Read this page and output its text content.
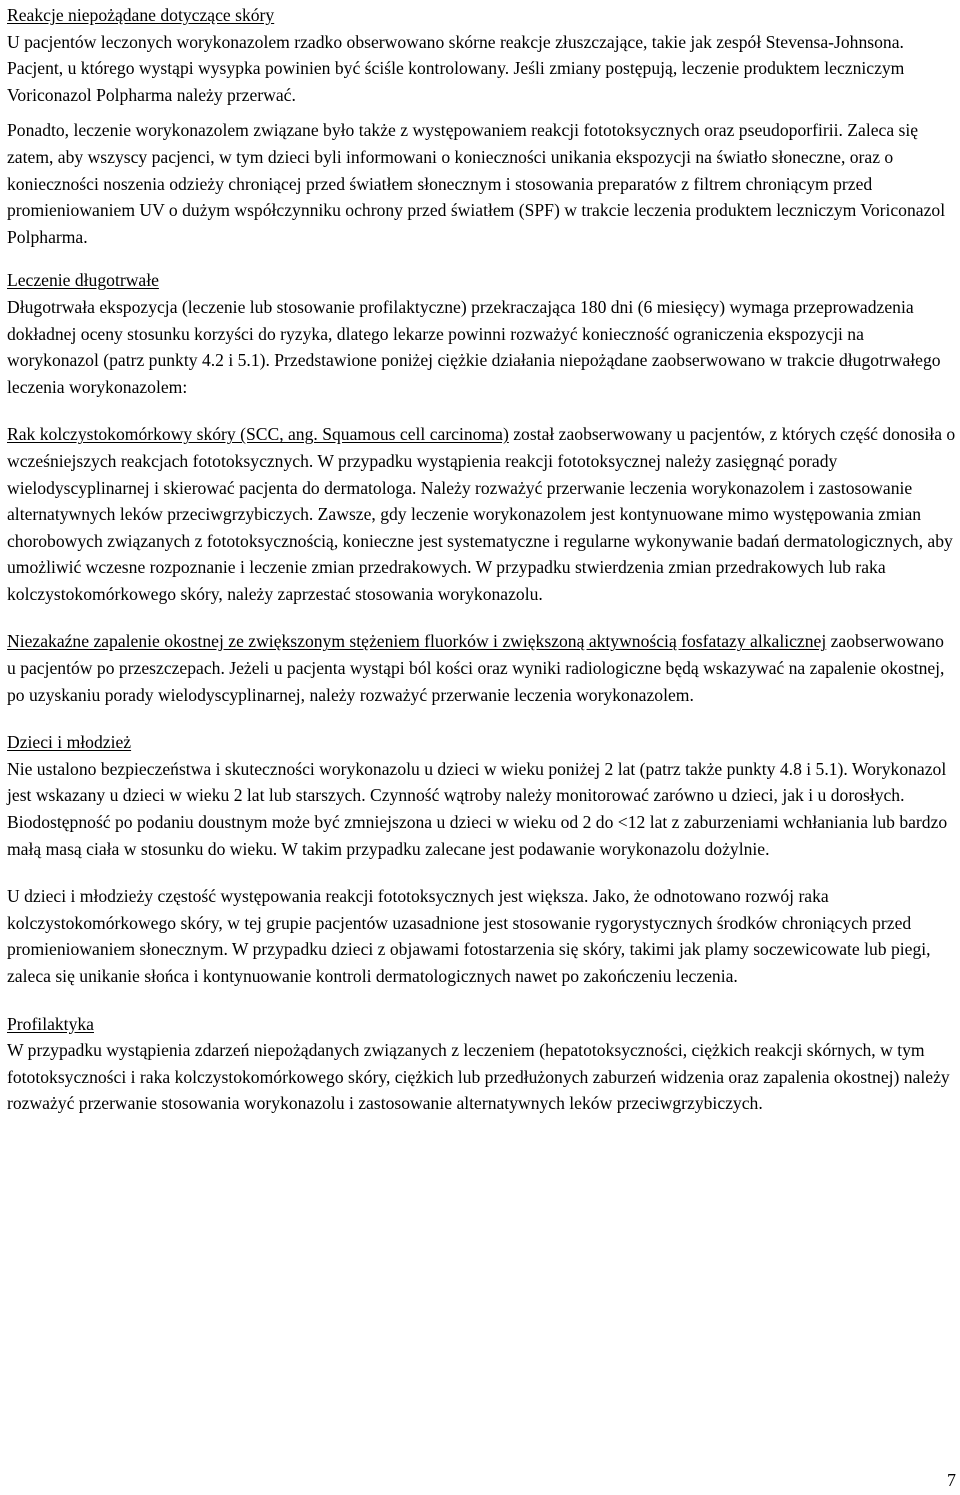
Reakcje niepożądane dotyczące skóry

U pacjentów leczonych worykonazolem rzadko obserwowano skórne reakcje złuszczające, takie jak zespół Stevensa-Johnsona. Pacjent, u którego wystąpi wysypka powinien być ściśle kontrolowany. Jeśli zmiany postępują, leczenie produktem leczniczym Voriconazol Polpharma należy przerwać.

Ponadto, leczenie worykonazolem związane było także z występowaniem reakcji fototoksycznych oraz pseudoporfirii. Zaleca się zatem, aby wszyscy pacjenci, w tym dzieci byli informowani o konieczności unikania ekspozycji na światło słoneczne, oraz o konieczności noszenia odzieży chroniącej przed światłem słonecznym i stosowania preparatów z filtrem chroniącym przed promieniowaniem UV o dużym współczynniku ochrony przed światłem (SPF) w trakcie leczenia produktem leczniczym Voriconazol Polpharma.

Leczenie długotrwałe

Długotrwała ekspozycja (leczenie lub stosowanie profilaktyczne) przekraczająca 180 dni (6 miesięcy) wymaga przeprowadzenia dokładnej oceny stosunku korzyści do ryzyka, dlatego lekarze powinni rozważyć konieczność ograniczenia ekspozycji na worykonazol (patrz punkty 4.2 i 5.1). Przedstawione poniżej ciężkie działania niepożądane zaobserwowano w trakcie długotrwałego leczenia worykonazolem:

Rak kolczystokomórkowy skóry (SCC, ang. Squamous cell carcinoma) został zaobserwowany u pacjentów, z których część donosiła o wcześniejszych reakcjach fototoksycznych. W przypadku wystąpienia reakcji fototoksycznej należy zasięgnąć porady wielodyscyplinarnej i skierować pacjenta do dermatologa. Należy rozważyć przerwanie leczenia worykonazolem i zastosowanie alternatywnych leków przeciwgrzybiczych. Zawsze, gdy leczenie worykonazolem jest kontynuowane mimo występowania zmian chorobowych związanych z fototoksycznością, konieczne jest systematyczne i regularne wykonywanie badań dermatologicznych, aby umożliwić wczesne rozpoznanie i leczenie zmian przedrakowych. W przypadku stwierdzenia zmian przedrakowych lub raka kolczystokomórkowego skóry, należy zaprzestać stosowania worykonazolu.

Niezakaźne zapalenie okostnej ze zwiększonym stężeniem fluorków i zwiększoną aktywnością fosfatazy alkalicznej zaobserwowano u pacjentów po przeszczepach. Jeżeli u pacjenta wystąpi ból kości oraz wyniki radiologiczne będą wskazywać na zapalenie okostnej, po uzyskaniu porady wielodyscyplinarnej, należy rozważyć przerwanie leczenia worykonazolem.

Dzieci i młodzież

Nie ustalono bezpieczeństwa i skuteczności worykonazolu u dzieci w wieku poniżej 2 lat (patrz także punkty 4.8 i 5.1). Worykonazol jest wskazany u dzieci w wieku 2 lat lub starszych. Czynność wątroby należy monitorować zarówno u dzieci, jak i u dorosłych. Biodostępność po podaniu doustnym może być zmniejszona u dzieci w wieku od 2 do <12 lat z zaburzeniami wchłaniania lub bardzo małą masą ciała w stosunku do wieku. W takim przypadku zalecane jest podawanie worykonazolu dożylnie.

U dzieci i młodzieży częstość występowania reakcji fototoksycznych jest większa. Jako, że odnotowano rozwój raka kolczystokomórkowego skóry, w tej grupie pacjentów uzasadnione jest stosowanie rygorystycznych środków chroniących przed promieniowaniem słonecznym. W przypadku dzieci z objawami fotostarzenia się skóry, takimi jak plamy soczewicowate lub piegi, zaleca się unikanie słońca i kontynuowanie kontroli dermatologicznych nawet po zakończeniu leczenia.

Profilaktyka

W przypadku wystąpienia zdarzeń niepożądanych związanych z leczeniem (hepatotoksyczności, ciężkich reakcji skórnych, w tym fototoksyczności i raka kolczystokomórkowego skóry, ciężkich lub przedłużonych zaburzeń widzenia oraz zapalenia okostnej) należy rozważyć przerwanie stosowania worykonazolu i zastosowanie alternatywnych leków przeciwgrzybiczych.

7
